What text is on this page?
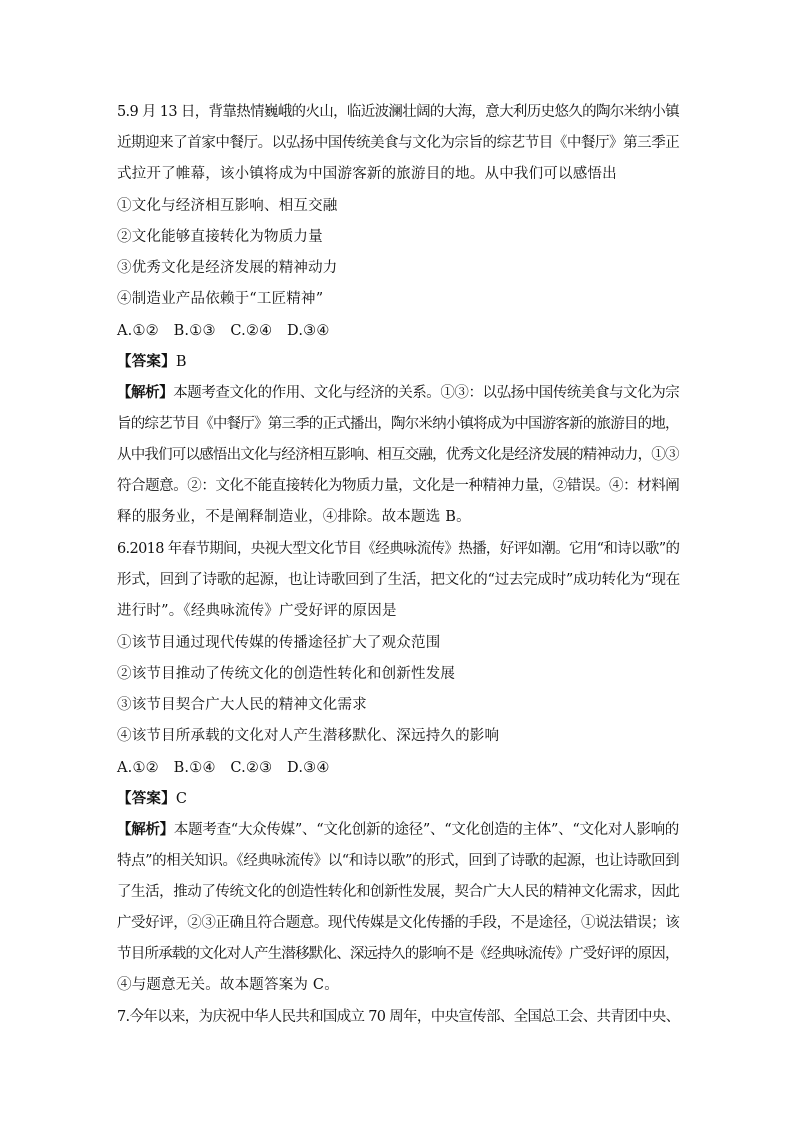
5.9 月 13 日，背靠热情巍峨的火山，临近波澜壮阔的大海，意大利历史悠久的陶尔米纳小镇
近期迎来了首家中餐厅。以弘扬中国传统美食与文化为宗旨的综艺节目《中餐厅》第三季正
式拉开了帷幕，该小镇将成为中国游客新的旅游目的地。从中我们可以感悟出
①文化与经济相互影响、相互交融
②文化能够直接转化为物质力量
③优秀文化是经济发展的精神动力
④制造业产品依赖于“工匠精神”
A.①②　B.①③　C.②④　D.③④
【答案】B
【解析】本题考查文化的作用、文化与经济的关系。①③：以弘扬中国传统美食与文化为宗
旨的综艺节目《中餐厅》第三季的正式播出，陶尔米纳小镇将成为中国游客新的旅游目的地，
从中我们可以感悟出文化与经济相互影响、相互交融，优秀文化是经济发展的精神动力，①③
符合题意。②：文化不能直接转化为物质力量，文化是一种精神力量，②错误。④：材料阐
释的服务业，不是阐释制造业，④排除。故本题选 B。
6.2018 年春节期间，央视大型文化节目《经典咏流传》热播，好评如潮。它用“和诗以歌”的
形式，回到了诗歌的起源，也让诗歌回到了生活，把文化的“过去完成时”成功转化为“现在
进行时”。《经典咏流传》广受好评的原因是
①该节目通过现代传媒的传播途径扩大了观众范围
②该节目推动了传统文化的创造性转化和创新性发展
③该节目契合广大人民的精神文化需求
④该节目所承载的文化对人产生潜移默化、深远持久的影响
A.①②　B.①④　C.②③　D.③④
【答案】C
【解析】本题考查“大众传媒”、“文化创新的途径”、“文化创造的主体”、“文化对人影响的
特点”的相关知识。《经典咏流传》以“和诗以歌”的形式，回到了诗歌的起源，也让诗歌回到
了生活，推动了传统文化的创造性转化和创新性发展，契合广大人民的精神文化需求，因此
广受好评，②③正确且符合题意。现代传媒是文化传播的手段，不是途径，①说法错误；该
节目所承载的文化对人产生潜移默化、深远持久的影响不是《经典咏流传》广受好评的原因，
④与题意无关。故本题答案为 C。
7.今年以来，为庆祝中华人民共和国成立 70 周年，中央宣传部、全国总工会、共青团中央、
